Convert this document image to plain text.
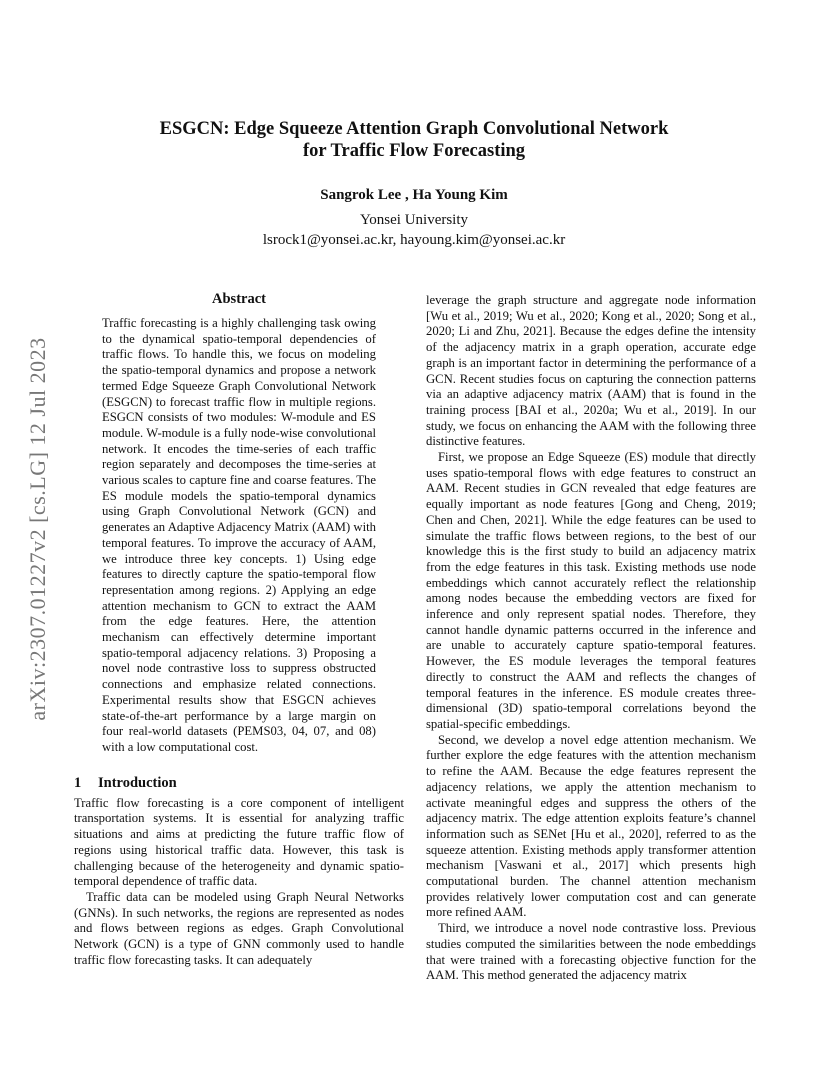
arXiv:2307.01227v2 [cs.LG] 12 Jul 2023
ESGCN: Edge Squeeze Attention Graph Convolutional Network
for Traffic Flow Forecasting
Sangrok Lee , Ha Young Kim
Yonsei University
lsrock1@yonsei.ac.kr, hayoung.kim@yonsei.ac.kr
Abstract

Traffic forecasting is a highly challenging task owing to the dynamical spatio-temporal dependencies of traffic flows. To handle this, we focus on modeling the spatio-temporal dynamics and propose a network termed Edge Squeeze Graph Convolutional Network (ESGCN) to forecast traffic flow in multiple regions. ESGCN consists of two modules: W-module and ES module. W-module is a fully node-wise convolutional network. It encodes the time-series of each traffic region separately and decomposes the time-series at various scales to capture fine and coarse features. The ES module models the spatio-temporal dynamics using Graph Convolutional Network (GCN) and generates an Adaptive Adjacency Matrix (AAM) with temporal features. To improve the accuracy of AAM, we introduce three key concepts. 1) Using edge features to directly capture the spatio-temporal flow representation among regions. 2) Applying an edge attention mechanism to GCN to extract the AAM from the edge features. Here, the attention mechanism can effectively determine important spatio-temporal adjacency relations. 3) Proposing a novel node contrastive loss to suppress obstructed connections and emphasize related connections. Experimental results show that ESGCN achieves state-of-the-art performance by a large margin on four real-world datasets (PEMS03, 04, 07, and 08) with a low computational cost.

1 Introduction

Traffic flow forecasting is a core component of intelligent transportation systems. It is essential for analyzing traffic situations and aims at predicting the future traffic flow of regions using historical traffic data. However, this task is challenging because of the heterogeneity and dynamic spatio-temporal dependence of traffic data.

Traffic data can be modeled using Graph Neural Networks (GNNs). In such networks, the regions are represented as nodes and flows between regions as edges. Graph Convolutional Network (GCN) is a type of GNN commonly used to handle traffic flow forecasting tasks. It can adequately

leverage the graph structure and aggregate node information [Wu et al., 2019; Wu et al., 2020; Kong et al., 2020; Song et al., 2020; Li and Zhu, 2021]. Because the edges define the intensity of the adjacency matrix in a graph operation, accurate edge graph is an important factor in determining the performance of a GCN. Recent studies focus on capturing the connection patterns via an adaptive adjacency matrix (AAM) that is found in the training process [BAI et al., 2020a; Wu et al., 2019]. In our study, we focus on enhancing the AAM with the following three distinctive features.

First, we propose an Edge Squeeze (ES) module that directly uses spatio-temporal flows with edge features to construct an AAM. Recent studies in GCN revealed that edge features are equally important as node features [Gong and Cheng, 2019; Chen and Chen, 2021]. While the edge features can be used to simulate the traffic flows between regions, to the best of our knowledge this is the first study to build an adjacency matrix from the edge features in this task. Existing methods use node embeddings which cannot accurately reflect the relationship among nodes because the embedding vectors are fixed for inference and only represent spatial nodes. Therefore, they cannot handle dynamic patterns occurred in the inference and are unable to accurately capture spatio-temporal features. However, the ES module leverages the temporal features directly to construct the AAM and reflects the changes of temporal features in the inference. ES module creates three-dimensional (3D) spatio-temporal correlations beyond the spatial-specific embeddings.

Second, we develop a novel edge attention mechanism. We further explore the edge features with the attention mechanism to refine the AAM. Because the edge features represent the adjacency relations, we apply the attention mechanism to activate meaningful edges and suppress the others of the adjacency matrix. The edge attention exploits feature’s channel information such as SENet [Hu et al., 2020], referred to as the squeeze attention. Existing methods apply transformer attention mechanism [Vaswani et al., 2017] which presents high computational burden. The channel attention mechanism provides relatively lower computation cost and can generate more refined AAM.

Third, we introduce a novel node contrastive loss. Previous studies computed the similarities between the node embeddings that were trained with a forecasting objective function for the AAM. This method generated the adjacency matrix
